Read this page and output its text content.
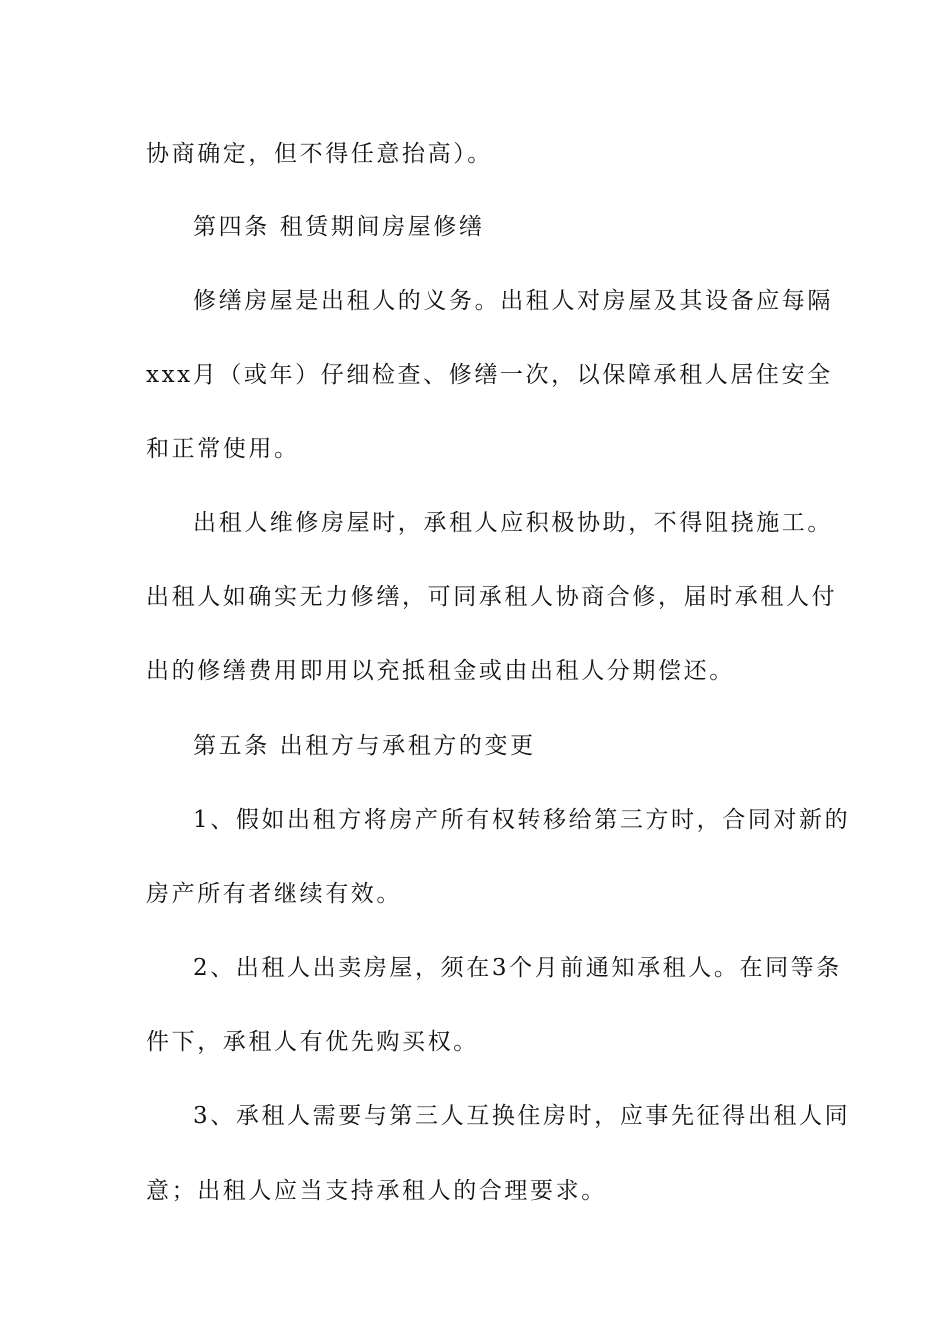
协商确定，但不得任意抬高）。
第四条 租赁期间房屋修缮
修缮房屋是出租人的义务。出租人对房屋及其设备应每隔
xxx月（或年）仔细检查、修缮一次，以保障承租人居住安全
和正常使用。
出租人维修房屋时，承租人应积极协助，不得阻挠施工。
出租人如确实无力修缮，可同承租人协商合修，届时承租人付
出的修缮费用即用以充抵租金或由出租人分期偿还。
第五条 出租方与承租方的变更
1、假如出租方将房产所有权转移给第三方时，合同对新的
房产所有者继续有效。
2、出租人出卖房屋，须在3个月前通知承租人。在同等条
件下，承租人有优先购买权。
3、承租人需要与第三人互换住房时，应事先征得出租人同
意；出租人应当支持承租人的合理要求。
